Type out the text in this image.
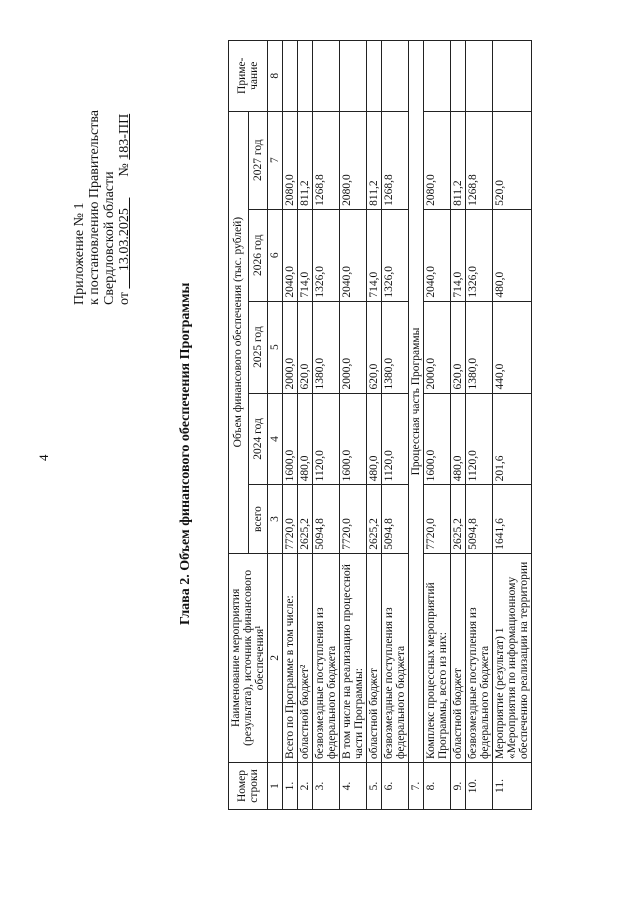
4
Приложение № 1 к постановлению Правительства Свердловской области от      13.03.2025     № 183-ПП
Глава 2. Объем финансового обеспечения Программы
Номер строки	Наименование мероприятия (результата), источник финансового обеспечения¹	Объем финансового обеспечения (тыс. рублей)					Приме-чание
		всего	2024 год	2025 год	2026 год	2027 год	
1	2	3	4	5	6	7	8
1.	Всего по Программе в том числе:	7720,0	1600,0	2000,0	2040,0	2080,0	
2.	областной бюджет²	2625,2	480,0	620,0	714,0	811,2	
3.	безвозмездные поступления из федерального бюджета	5094,8	1120,0	1380,0	1326,0	1268,8	
4.	В том числе на реализацию процессной части Программы:	7720,0	1600,0	2000,0	2040,0	2080,0	
5.	областной бюджет	2625,2	480,0	620,0	714,0	811,2	
6.	безвозмездные поступления из федерального бюджета	5094,8	1120,0	1380,0	1326,0	1268,8	
7.	Процессная часть Программы						
8.	Комплекс процессных мероприятий Программы, всего из них:	7720,0	1600,0	2000,0	2040,0	2080,0	
9.	областной бюджет	2625,2	480,0	620,0	714,0	811,2	
10.	безвозмездные поступления из федерального бюджета	5094,8	1120,0	1380,0	1326,0	1268,8	
11.	Мероприятие (результат) 1 «Мероприятия по информационному обеспечению реализации на территории	1641,6	201,6	440,0	480,0	520,0	
